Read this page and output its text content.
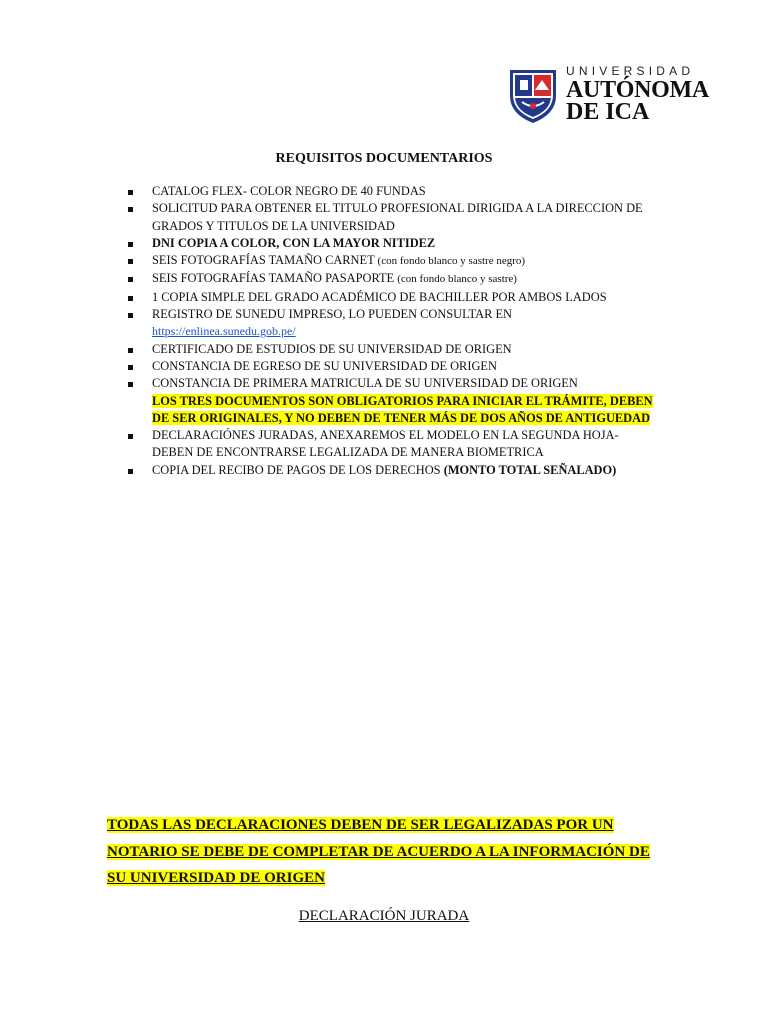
UNIVERSIDAD
AUTÓNOMA
DE ICA
REQUISITOS DOCUMENTARIOS
CATALOG FLEX- COLOR NEGRO DE 40 FUNDAS
SOLICITUD PARA OBTENER EL TITULO PROFESIONAL DIRIGIDA A LA DIRECCION DE GRADOS Y TITULOS DE LA UNIVERSIDAD
DNI COPIA A COLOR, CON LA MAYOR NITIDEZ
SEIS FOTOGRAFÍAS TAMAÑO CARNET (con fondo blanco y sastre negro)
SEIS FOTOGRAFÍAS TAMAÑO PASAPORTE (con fondo blanco y sastre)
1 COPIA SIMPLE DEL GRADO ACADÉMICO DE BACHILLER POR AMBOS LADOS
REGISTRO DE SUNEDU IMPRESO, LO PUEDEN CONSULTAR EN
https://enlinea.sunedu.gob.pe/
CERTIFICADO DE ESTUDIOS DE SU UNIVERSIDAD DE ORIGEN
CONSTANCIA DE EGRESO DE SU UNIVERSIDAD DE ORIGEN
CONSTANCIA DE PRIMERA MATRICULA DE SU UNIVERSIDAD DE ORIGEN
LOS TRES DOCUMENTOS SON OBLIGATORIOS PARA INICIAR EL TRÁMITE, DEBEN DE SER ORIGINALES, Y NO DEBEN DE TENER MÁS DE DOS AÑOS DE ANTIGUEDAD
DECLARACIÓNES JURADAS, ANEXAREMOS EL MODELO EN LA SEGUNDA HOJA- DEBEN DE ENCONTRARSE LEGALIZADA DE MANERA BIOMETRICA
COPIA DEL RECIBO DE PAGOS DE LOS DERECHOS (MONTO TOTAL SEÑALADO)
TODAS LAS DECLARACIONES DEBEN DE SER LEGALIZADAS POR UN NOTARIO SE DEBE DE COMPLETAR DE ACUERDO A LA INFORMACIÓN DE SU UNIVERSIDAD DE ORIGEN
DECLARACIÓN JURADA
